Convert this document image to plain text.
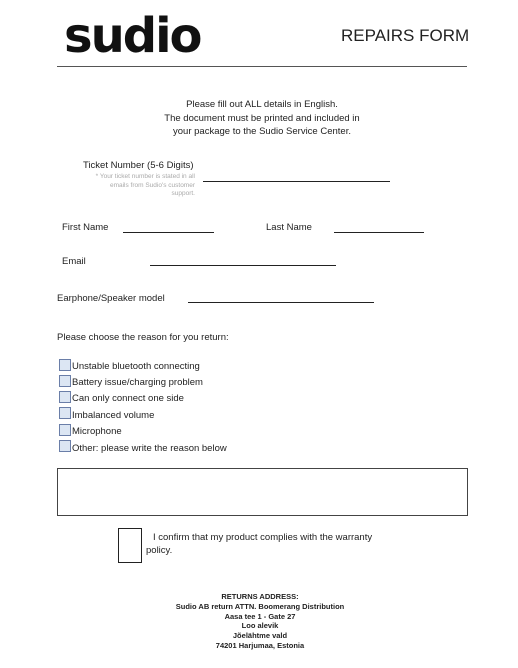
sudio	REPAIRS FORM
Please fill out ALL details in English.
The document must be printed and included in
your package to the Sudio Service Center.
Ticket Number (5-6 Digits)
* Your ticket number is stated in all
emails from Sudio's customer
support.
First Name	Last Name
Email
Earphone/Speaker model
Please choose the reason for you return:
Unstable bluetooth connecting
Battery issue/charging problem
Can only connect one side
Imbalanced volume
Microphone
Other: please write the reason below
I confirm that my product complies with the warranty policy.
RETURNS ADDRESS:
Sudio AB return ATTN. Boomerang Distribution
Aasa tee 1 - Gate 27
Loo alevik
Jõelähtme vald
74201 Harjumaa, Estonia
